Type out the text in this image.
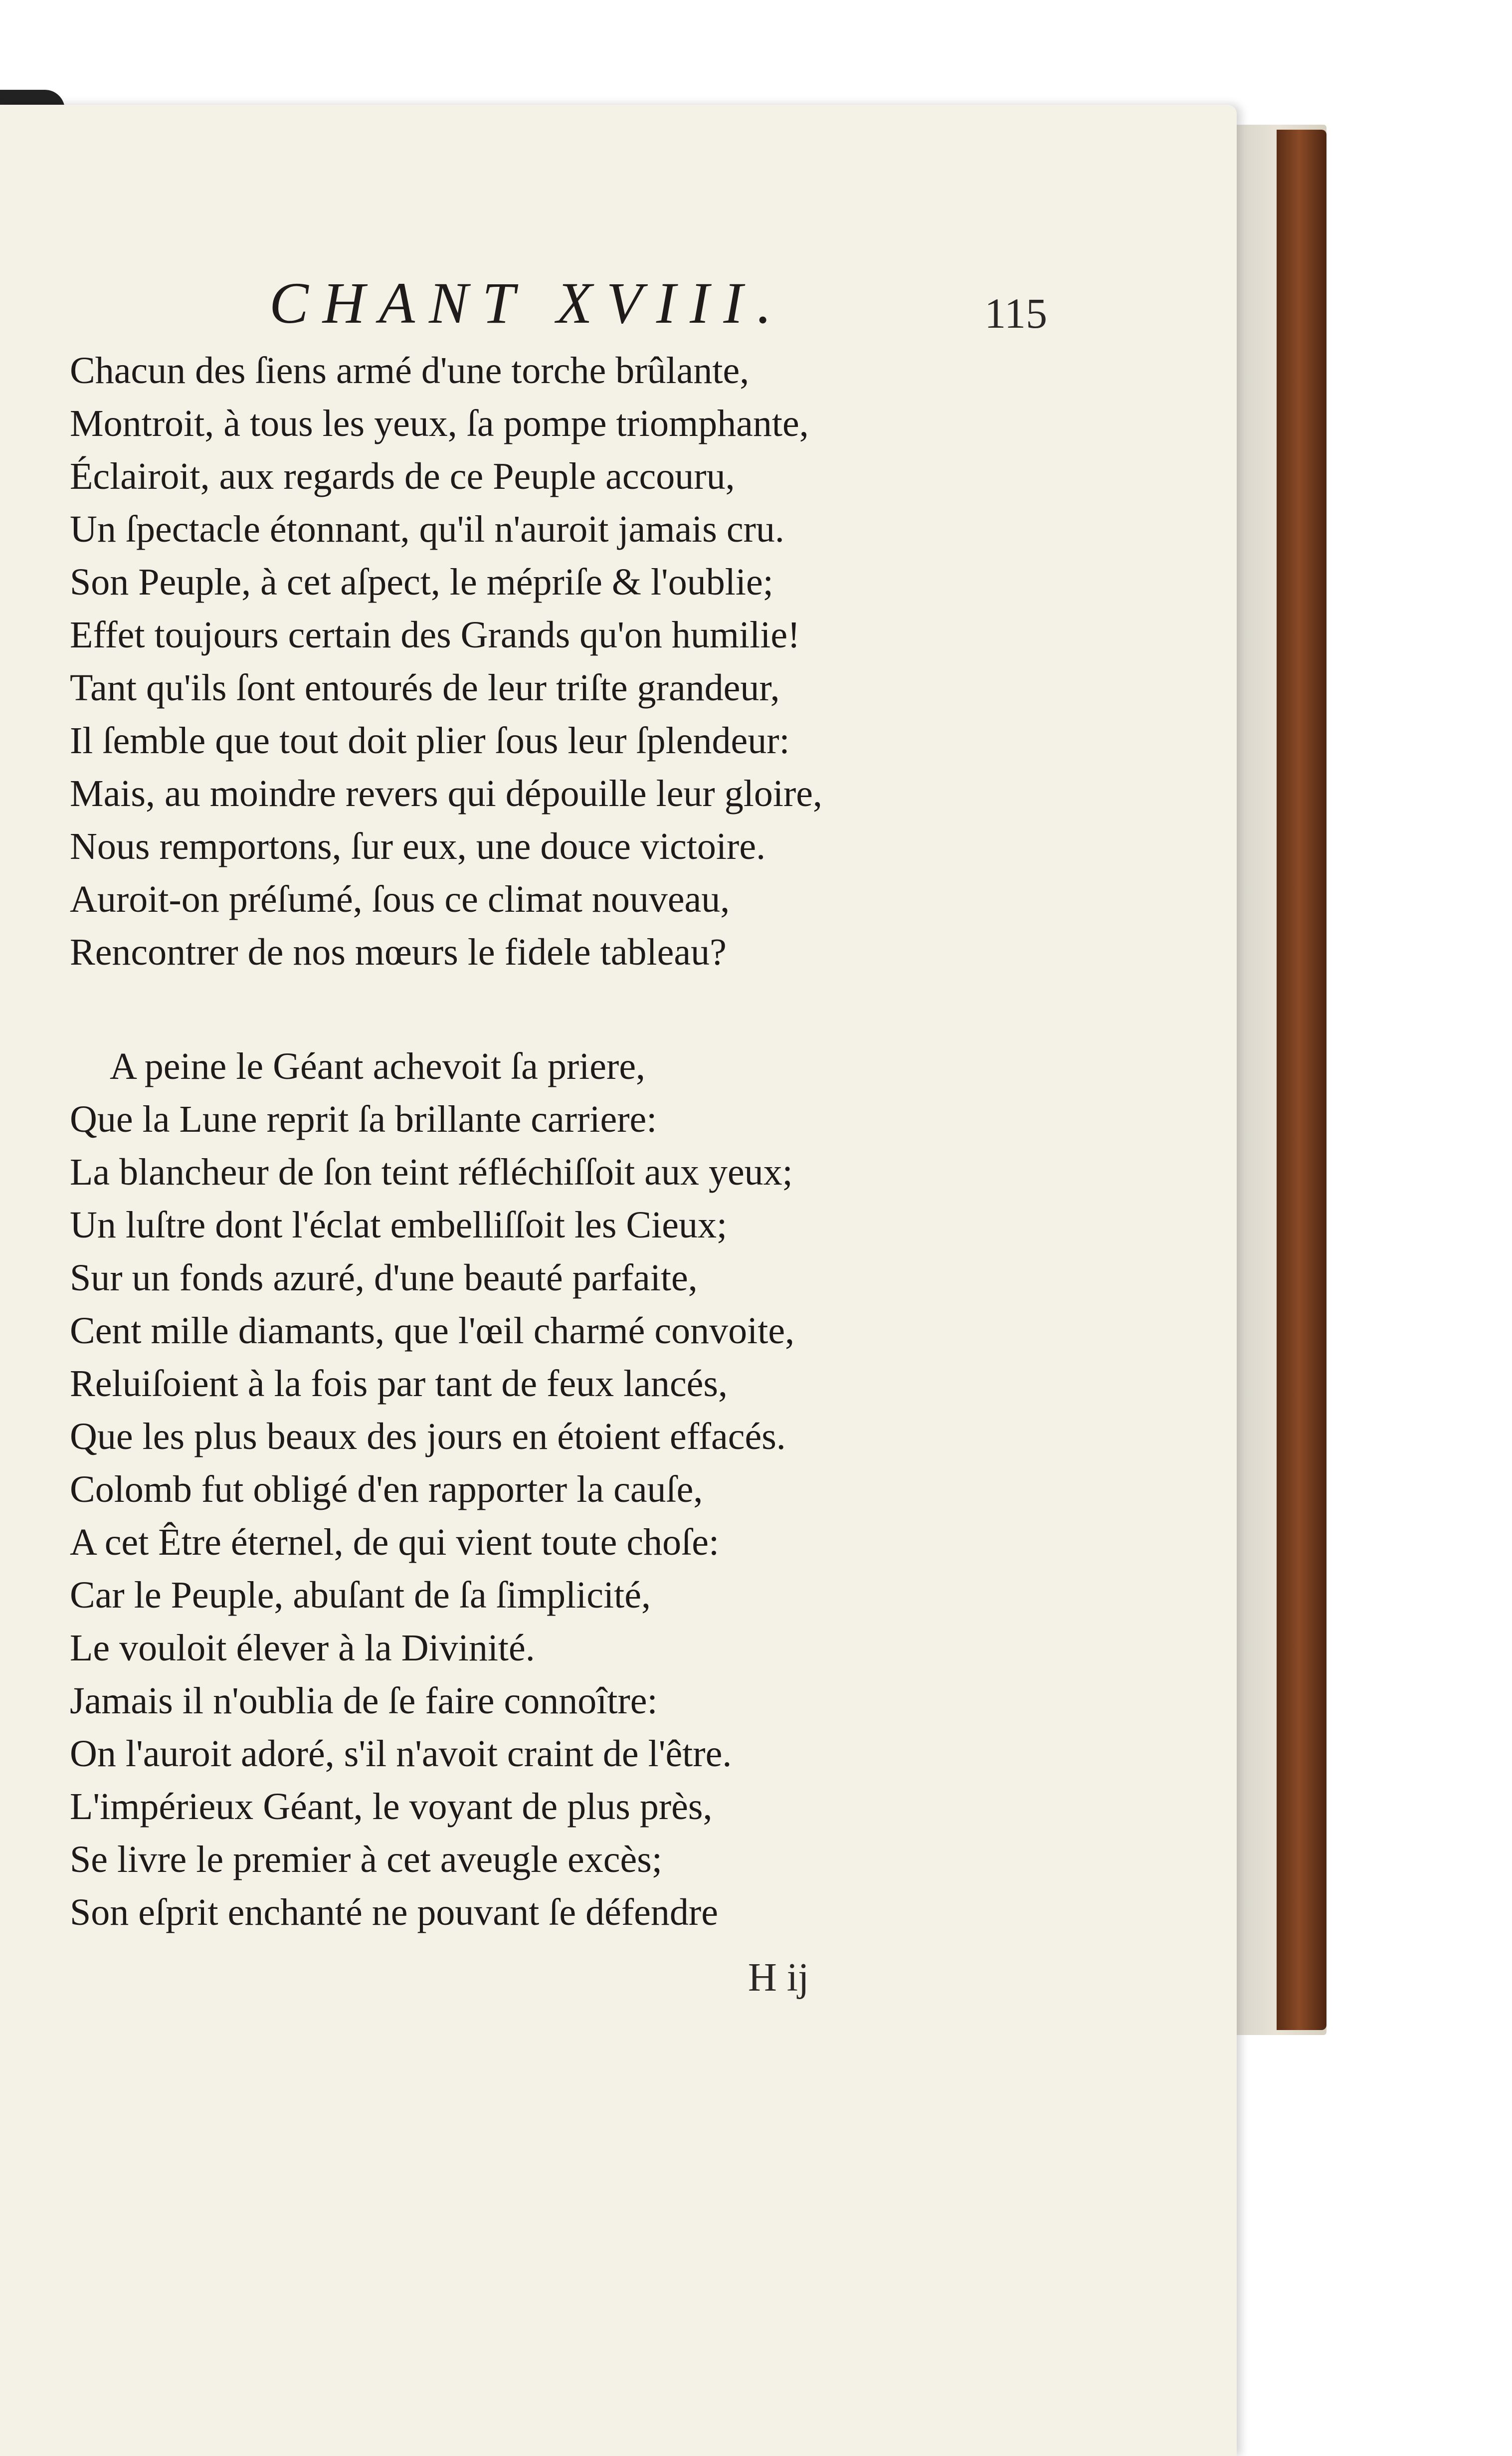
CHANT XVIII.	115
Chacun des ſiens armé d'une torche brûlante,
Montroit, à tous les yeux, ſa pompe triomphante,
Éclairoit, aux regards de ce Peuple accouru,
Un ſpectacle étonnant, qu'il n'auroit jamais cru.
Son Peuple, à cet aſpect, le mépriſe & l'oublie;
Effet toujours certain des Grands qu'on humilie!
Tant qu'ils ſont entourés de leur triſte grandeur,
Il ſemble que tout doit plier ſous leur ſplendeur:
Mais, au moindre revers qui dépouille leur gloire,
Nous remportons, ſur eux, une douce victoire.
Auroit-on préſumé, ſous ce climat nouveau,
Rencontrer de nos mœurs le fidele tableau?
A peine le Géant achevoit ſa priere,
Que la Lune reprit ſa brillante carriere:
La blancheur de ſon teint réfléchiſſoit aux yeux;
Un luſtre dont l'éclat embelliſſoit les Cieux;
Sur un fonds azuré, d'une beauté parfaite,
Cent mille diamants, que l'œil charmé convoite,
Reluiſoient à la fois par tant de feux lancés,
Que les plus beaux des jours en étoient effacés.
Colomb fut obligé d'en rapporter la cauſe,
A cet Être éternel, de qui vient toute choſe:
Car le Peuple, abuſant de ſa ſimplicité,
Le vouloit élever à la Divinité.
Jamais il n'oublia de ſe faire connoître:
On l'auroit adoré, s'il n'avoit craint de l'être.
L'impérieux Géant, le voyant de plus près,
Se livre le premier à cet aveugle excès;
Son eſprit enchanté ne pouvant ſe défendre
H ij
